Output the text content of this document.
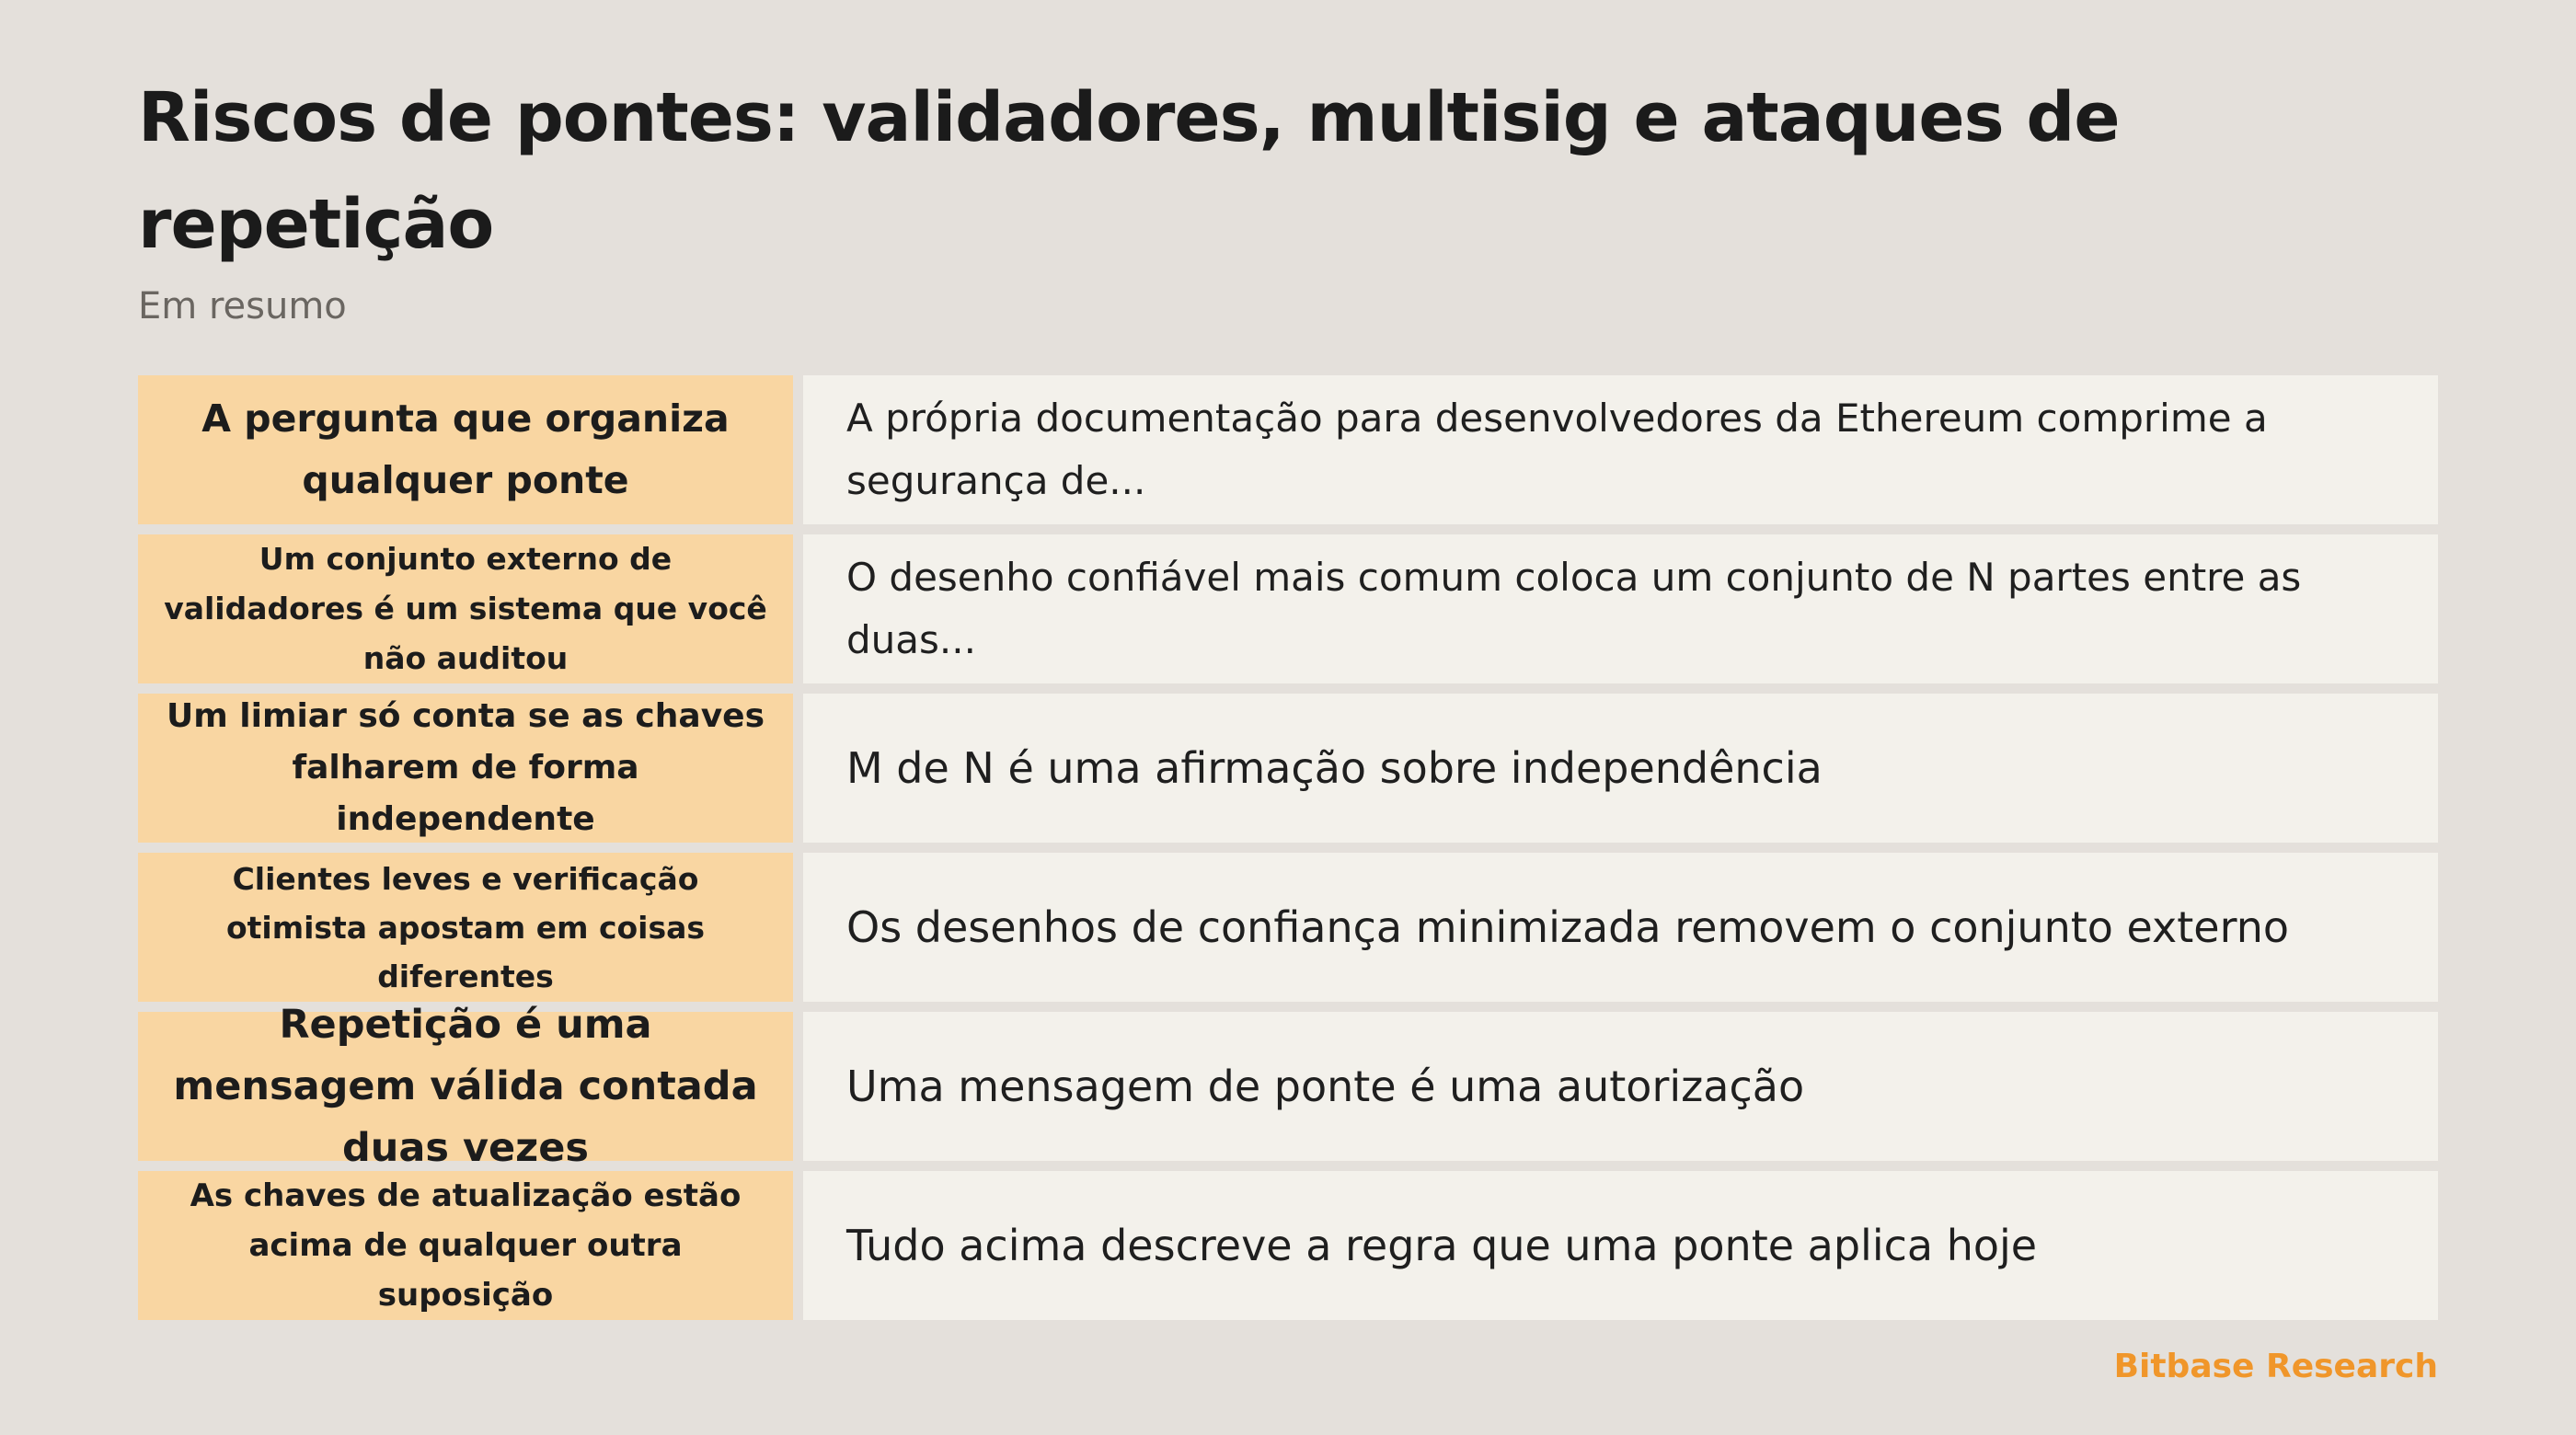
Riscos de pontes: validadores, multisig e ataques de repetição

Em resumo

A pergunta que organiza qualquer ponte
A própria documentação para desenvolvedores da Ethereum comprime a segurança de...
Um conjunto externo de validadores é um sistema que você não auditou
O desenho confiável mais comum coloca um conjunto de N partes entre as duas...
Um limiar só conta se as chaves falharem de forma independente
M de N é uma afirmação sobre independência
Clientes leves e verificação otimista apostam em coisas diferentes
Os desenhos de confiança minimizada removem o conjunto externo
Repetição é uma mensagem válida contada duas vezes
Uma mensagem de ponte é uma autorização
As chaves de atualização estão acima de qualquer outra suposição
Tudo acima descreve a regra que uma ponte aplica hoje
Bitbase Research
